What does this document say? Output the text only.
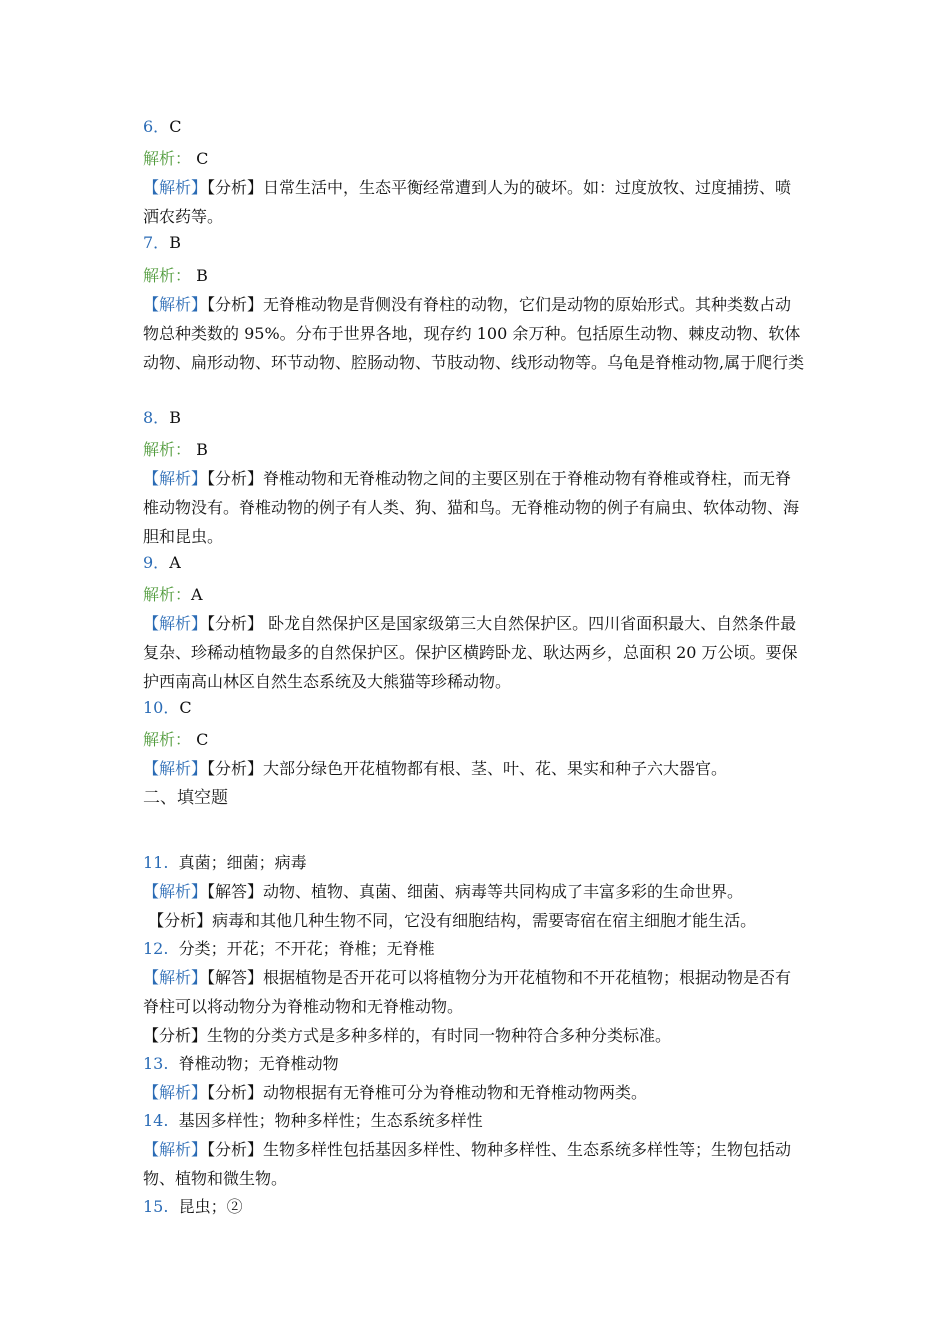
6．C

解析： C

【解析】【分析】日常生活中，生态平衡经常遭到人为的破坏。如：过度放牧、过度捕捞、喷洒农药等。

7．B

解析： B

【解析】【分析】无脊椎动物是背侧没有脊柱的动物，它们是动物的原始形式。其种类数占动物总种类数的 95%。分布于世界各地，现存约 100 余万种。包括原生动物、棘皮动物、软体动物、扁形动物、环节动物、腔肠动物、节肢动物、线形动物等。乌龟是脊椎动物,属于爬行类

8．B

解析： B

【解析】【分析】脊椎动物和无脊椎动物之间的主要区别在于脊椎动物有脊椎或脊柱，而无脊椎动物没有。脊椎动物的例子有人类、狗、猫和鸟。无脊椎动物的例子有扁虫、软体动物、海胆和昆虫。

9．A

解析：A

【解析】【分析】 卧龙自然保护区是国家级第三大自然保护区。四川省面积最大、自然条件最复杂、珍稀动植物最多的自然保护区。保护区横跨卧龙、耿达两乡，总面积 20 万公顷。要保护西南高山林区自然生态系统及大熊猫等珍稀动物。

10．C

解析： C

【解析】【分析】大部分绿色开花植物都有根、茎、叶、花、果实和种子六大器官。

二、填空题

11.  真菌；细菌；病毒

【解析】【解答】动物、植物、真菌、细菌、病毒等共同构成了丰富多彩的生命世界。

【分析】病毒和其他几种生物不同，它没有细胞结构，需要寄宿在宿主细胞才能生活。

12.  分类；开花；不开花；脊椎；无脊椎

【解析】【解答】根据植物是否开花可以将植物分为开花植物和不开花植物；根据动物是否有脊柱可以将动物分为脊椎动物和无脊椎动物。

【分析】生物的分类方式是多种多样的，有时同一物种符合多种分类标准。

13.  脊椎动物；无脊椎动物

【解析】【分析】动物根据有无脊椎可分为脊椎动物和无脊椎动物两类。

14.  基因多样性；物种多样性；生态系统多样性

【解析】【分析】生物多样性包括基因多样性、物种多样性、生态系统多样性等；生物包括动物、植物和微生物。

15.  昆虫；②
